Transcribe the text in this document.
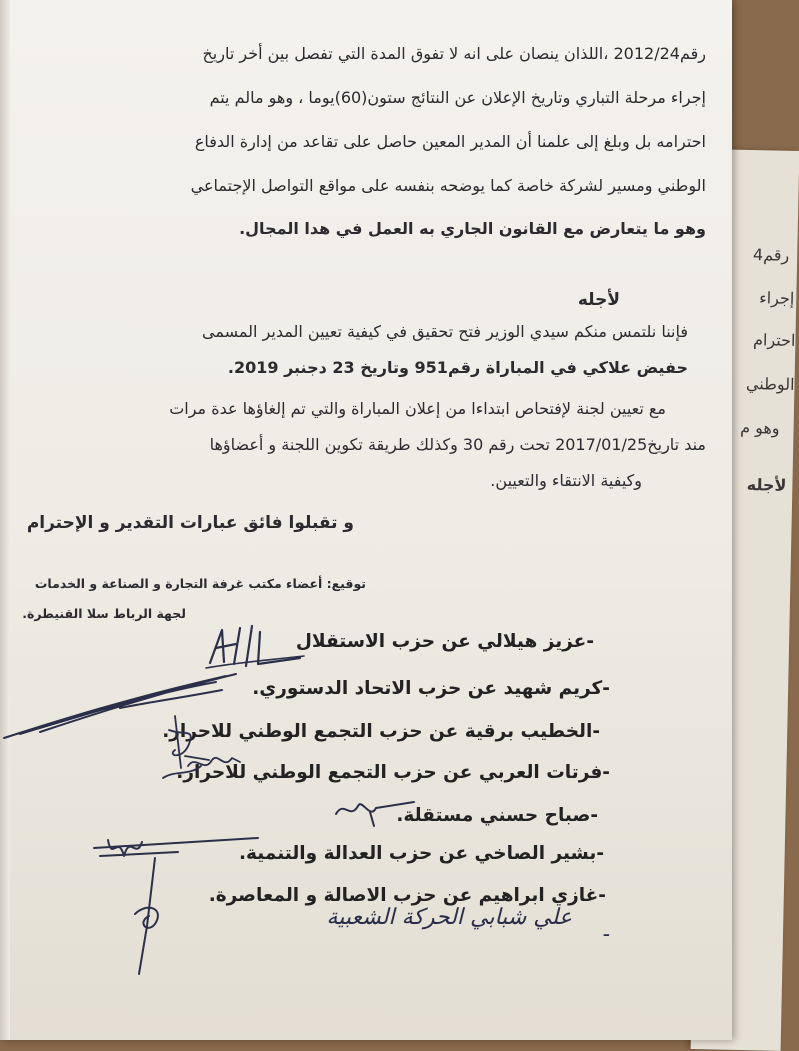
رقم4
إجراء
احترام
الوطني
وهو م
لأجله
رقم2012/24 ،اللذان ينصان على انه لا تفوق المدة التي تفصل بين أخر تاريخ
إجراء مرحلة التباري وتاريخ الإعلان عن النتائج ستون(60)يوما ، وهو مالم يتم
احترامه بل وبلغ إلى علمنا أن المدير المعين حاصل على تقاعد من إدارة الدفاع
الوطني ومسير لشركة خاصة كما يوضحه بنفسه على مواقع التواصل الإجتماعي
وهو ما يتعارض مع القانون الجاري به العمل في هدا المجال.
لأجله
فإننا نلتمس منكم سيدي الوزير فتح تحقيق في كيفية تعيين المدير المسمى
حفيض علاكي في المباراة رقم951 وتاريخ 23 دجنبر 2019.
مع تعيين لجنة لإفتحاص ابتداءا من إعلان المباراة والتي تم إلغاؤها عدة مرات
مند تاريخ2017/01/25 تحت رقم 30 وكذلك طريقة تكوين اللجنة و أعضاؤها
وكيفية الانتقاء والتعيين.
و تقبلوا فائق عبارات التقدير و الإحترام
توقيع: أعضاء مكتب غرفة التجارة و الصناعة و الخدمات
لجهة الرباط سلا القنيطرة.
-عزيز هيلالي عن حزب الاستقلال
-كريم شهيد عن حزب الاتحاد الدستوري.
-الخطيب برقية عن حزب التجمع الوطني للاحرار.
-فرتات العربي عن حزب التجمع الوطني للاحرار.
-صباح حسني مستقلة.
-بشير الصاخي عن حزب العدالة والتنمية.
-غازي ابراهيم عن حزب الاصالة و المعاصرة.
علي شبابي الحركة الشعبية
-
